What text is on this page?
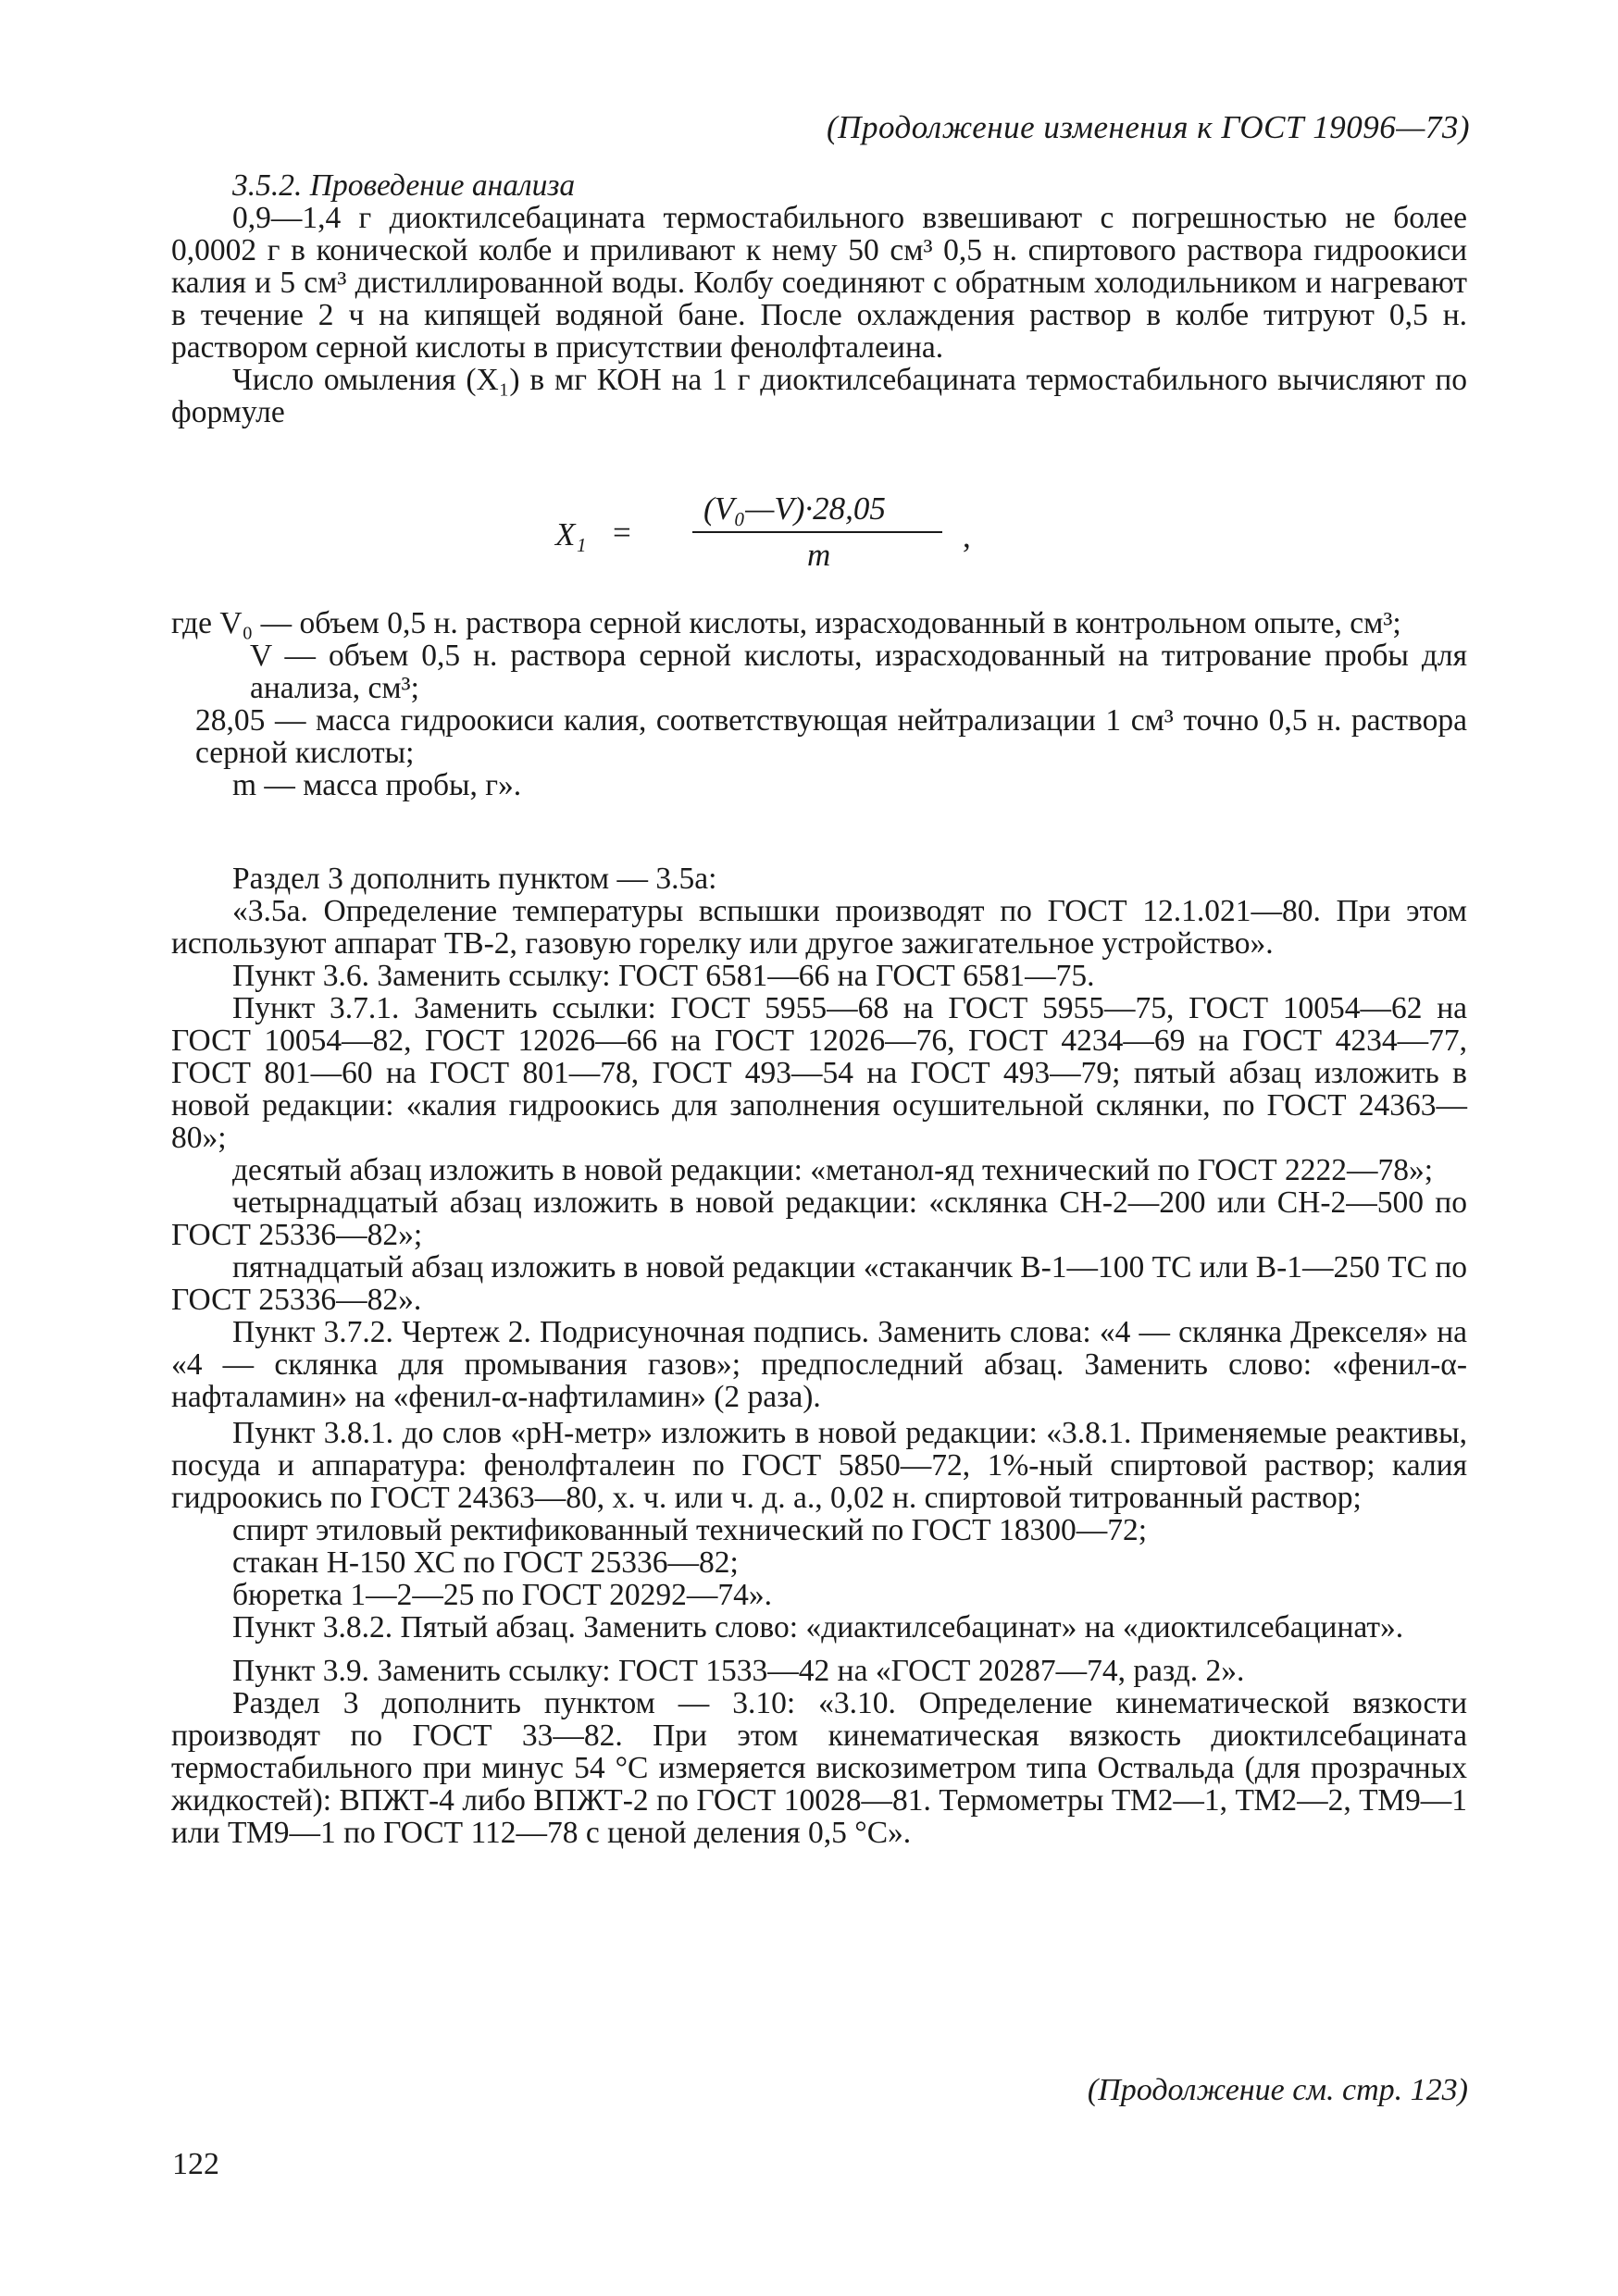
(Продолжение изменения к ГОСТ 19096—73)

3.5.2. Проведение анализа

0,9—1,4 г диоктилсебацината термостабильного взвешивают с погрешностью не более 0,0002 г в конической колбе и приливают к нему 50 см³ 0,5 н. спиртового раствора гидроокиси калия и 5 см³ дистиллированной воды. Колбу соединяют с обратным холодильником и нагревают в течение 2 ч на кипящей водяной бане. После охлаждения раствор в колбе титруют 0,5 н. раствором серной кислоты в присутствии фенолфталеина.

Число омыления (X₁) в мг КОН на 1 г диоктилсебацината термостабильного вычисляют по формуле

X₁ =
(V₀—V)·28,05
m
,

где V₀ — объем 0,5 н. раствора серной кислоты, израсходованный в контрольном опыте, см³;

V — объем 0,5 н. раствора серной кислоты, израсходованный на титрование пробы для анализа, см³;

28,05 — масса гидроокиси калия, соответствующая нейтрализации 1 см³ точно 0,5 н. раствора серной кислоты;

m — масса пробы, г».

Раздел 3 дополнить пунктом — 3.5а:

«3.5а. Определение температуры вспышки производят по ГОСТ 12.1.021—80. При этом используют аппарат ТВ-2, газовую горелку или другое зажигательное устройство».

Пункт 3.6. Заменить ссылку: ГОСТ 6581—66 на ГОСТ 6581—75.

Пункт 3.7.1. Заменить ссылки: ГОСТ 5955—68 на ГОСТ 5955—75, ГОСТ 10054—62 на ГОСТ 10054—82, ГОСТ 12026—66 на ГОСТ 12026—76, ГОСТ 4234—69 на ГОСТ 4234—77, ГОСТ 801—60 на ГОСТ 801—78, ГОСТ 493—54 на ГОСТ 493—79; пятый абзац изложить в новой редакции: «калия гидроокись для заполнения осушительной склянки, по ГОСТ 24363—80»;

десятый абзац изложить в новой редакции: «метанол-яд технический по ГОСТ 2222—78»;

четырнадцатый абзац изложить в новой редакции: «склянка СН-2—200 или СН-2—500 по ГОСТ 25336—82»;

пятнадцатый абзац изложить в новой редакции «стаканчик В-1—100 ТС или В-1—250 ТС по ГОСТ 25336—82».

Пункт 3.7.2. Чертеж 2. Подрисуночная подпись. Заменить слова: «4 — склянка Дрекселя» на «4 — склянка для промывания газов»; предпоследний абзац. Заменить слово: «фенил-α-нафталамин» на «фенил-α-нафтиламин» (2 раза).

Пункт 3.8.1. до слов «рН-метр» изложить в новой редакции: «3.8.1. Применяемые реактивы, посуда и аппаратура: фенолфталеин по ГОСТ 5850—72, 1%-ный спиртовой раствор; калия гидроокись по ГОСТ 24363—80, х. ч. или ч. д. а., 0,02 н. спиртовой титрованный раствор;

спирт этиловый ректификованный технический по ГОСТ 18300—72;

стакан Н-150 ХС по ГОСТ 25336—82;

бюретка 1—2—25 по ГОСТ 20292—74».

Пункт 3.8.2. Пятый абзац. Заменить слово: «диактилсебацинат» на «диоктилсебацинат».

Пункт 3.9. Заменить ссылку: ГОСТ 1533—42 на «ГОСТ 20287—74, разд. 2».

Раздел 3 дополнить пунктом — 3.10: «3.10. Определение кинематической вязкости производят по ГОСТ 33—82. При этом кинематическая вязкость диоктилсебацината термостабильного при минус 54 °С измеряется вискозиметром типа Оствальда (для прозрачных жидкостей): ВПЖТ-4 либо ВПЖТ-2 по ГОСТ 10028—81. Термометры ТМ2—1, ТМ2—2, ТМ9—1 или ТМ9—1 по ГОСТ 112—78 с ценой деления 0,5 °С».

(Продолжение см. стр. 123)
122
